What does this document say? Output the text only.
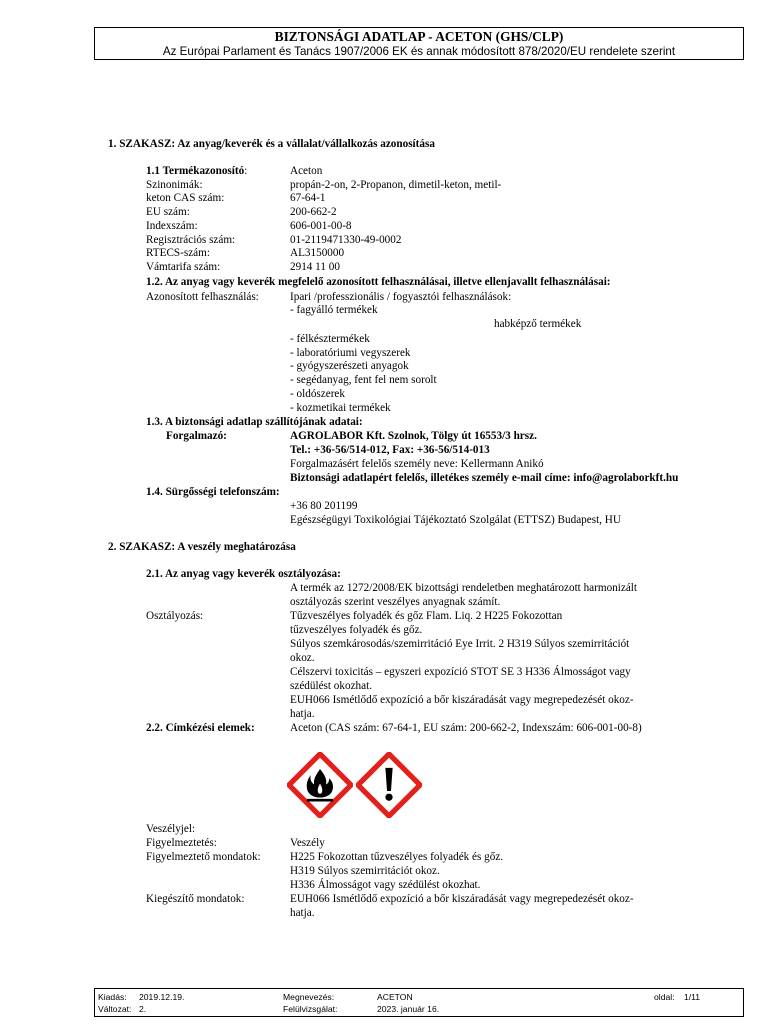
BIZTONSÁGI ADATLAP - ACETON (GHS/CLP)
Az Európai Parlament és Tanács 1907/2006 EK és annak módosított 878/2020/EU rendelete szerint
1. SZAKASZ: Az anyag/keverék és a vállalat/vállalkozás azonosítása
1.1 Termékazonosító:	Aceton
Szinonimák:	propán-2-on, 2-Propanon, dimetil-keton, metil-
keton CAS szám:	67-64-1
EU szám:	200-662-2
Indexszám:	606-001-00-8
Regisztrációs szám:	01-2119471330-49-0002
RTECS-szám:	AL3150000
Vámtarifa szám:	2914 11 00
1.2. Az anyag vagy keverék megfelelő azonosított felhasználásai, illetve ellenjavallt felhasználásai:
Azonosított felhasználás:	Ipari /professzionális / fogyasztói felhasználások:
- fagyálló termékek
habképző termékek
- félkésztermékek
- laboratóriumi vegyszerek
- gyógyszerészeti anyagok
- segédanyag, fent fel nem sorolt
- oldószerek
- kozmetikai termékek
1.3. A biztonsági adatlap szállítójának adatai:
Forgalmazó:	AGROLABOR Kft. Szolnok, Tölgy út 16553/3 hrsz.
Tel.: +36-56/514-012, Fax: +36-56/514-013
Forgalmazásért felelős személy neve: Kellermann Anikó
Biztonsági adatlapért felelős, illetékes személy e-mail címe: info@agrolaborkft.hu
1.4. Sürgősségi telefonszám:
+36 80 201199
Egészségügyi Toxikológiai Tájékoztató Szolgálat (ETTSZ) Budapest, HU
2. SZAKASZ: A veszély meghatározása
2.1. Az anyag vagy keverék osztályozása:
A termék az 1272/2008/EK bizottsági rendeletben meghatározott harmonizált
osztályozás szerint veszélyes anyagnak számít.
Osztályozás:	Tűzveszélyes folyadék és gőz Flam. Liq. 2 H225 Fokozottan
tűzveszélyes folyadék és gőz.
Súlyos szemkárosodás/szemirritáció Eye Irrit. 2 H319 Súlyos szemirritációt
okoz.
Célszervi toxicitás – egyszeri expozíció STOT SE 3 H336 Álmosságot vagy
szédülést okozhat.
EUH066 Ismétlődő expozíció a bőr kiszáradását vagy megrepedezését okoz-
hatja.
2.2. Címkézési elemek:	Aceton (CAS szám: 67-64-1, EU szám: 200-662-2, Indexszám: 606-001-00-8)
Veszélyjel:
Figyelmeztetés:	Veszély
Figyelmeztető mondatok:	H225 Fokozottan tűzveszélyes folyadék és gőz.
H319 Súlyos szemirritációt okoz.
H336 Álmosságot vagy szédülést okozhat.
Kiegészítő mondatok:	EUH066 Ismétlődő expozíció a bőr kiszáradását vagy megrepedezését okoz-
hatja.
Kiadás: 2019.12.19.
Változat: 2.
Megnevezés:	ACETON
Felülvizsgálat:	2023. január 16.
oldal: 1/11
